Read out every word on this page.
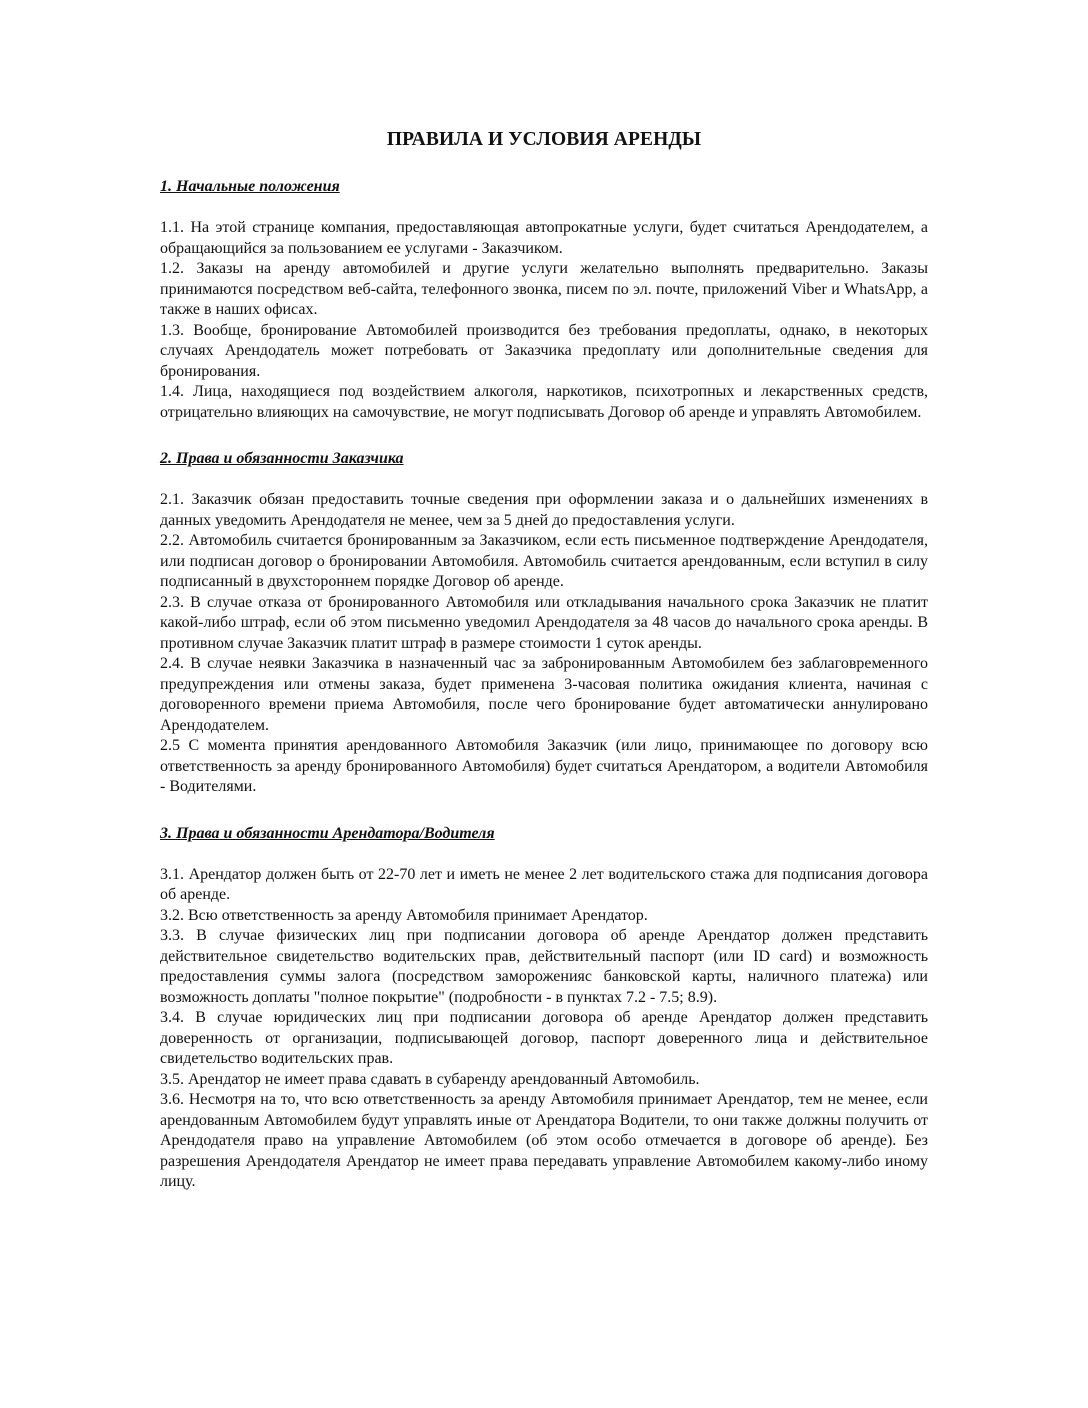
ПРАВИЛА И УСЛОВИЯ АРЕНДЫ

1. Начальные положения

1.1. На этой странице компания, предоставляющая автопрокатные услуги, будет считаться Арендодателем, а обращающийся за пользованием ее услугами - Заказчиком.

1.2. Заказы на аренду автомобилей и другие услуги желательно выполнять предварительно. Заказы принимаются посредством веб-сайта, телефонного звонка, писем по эл. почте, приложений Viber и WhatsApp, а также в наших офисах.

1.3. Вообще, бронирование Автомобилей производится без требования предоплаты, однако, в некоторых случаях Арендодатель может потребовать от Заказчика предоплату или дополнительные сведения для бронирования.

1.4. Лица, находящиеся под воздействием алкоголя, наркотиков, психотропных и лекарственных средств, отрицательно влияющих на самочувствие, не могут подписывать Договор об аренде и управлять Автомобилем.

2. Права и обязанности Заказчика

2.1. Заказчик обязан предоставить точные сведения при оформлении заказа и о дальнейших изменениях в данных уведомить Арендодателя не менее, чем за 5 дней до предоставления услуги.

2.2. Автомобиль считается бронированным за Заказчиком, если есть письменное подтверждение Арендодателя, или подписан договор о бронировании Автомобиля. Автомобиль считается арендованным, если вступил в силу подписанный в двухстороннем порядке Договор об аренде.

2.3. В случае отказа от бронированного Автомобиля или откладывания начального срока Заказчик не платит какой-либо штраф, если об этом письменно уведомил Арендодателя за 48 часов до начального срока аренды. В противном случае Заказчик платит штраф в размере стоимости 1 суток аренды.

2.4. В случае неявки Заказчика в назначенный час за забронированным Автомобилем без заблаговременного предупреждения или отмены заказа, будет применена 3-часовая политика ожидания клиента, начиная с договоренного времени приема Автомобиля, после чего бронирование будет автоматически аннулировано Арендодателем.

2.5 С момента принятия арендованного Автомобиля Заказчик (или лицо, принимающее по договору всю ответственность за аренду бронированного Автомобиля) будет считаться Арендатором, а водители Автомобиля - Водителями.

3. Права и обязанности Арендатора/Водителя

3.1. Арендатор должен быть от 22-70 лет и иметь не менее 2 лет водительского стажа для подписания договора об аренде.

3.2. Всю ответственность за аренду Автомобиля принимает Арендатор.

3.3. В случае физических лиц при подписании договора об аренде Арендатор должен представить действительное свидетельство водительских прав, действительный паспорт (или ID card) и возможность предоставления суммы залога (посредством замороженияс банковской карты, наличного платежа) или возможность доплаты "полное покрытие" (подробности - в пунктах 7.2 - 7.5; 8.9).

3.4. В случае юридических лиц при подписании договора об аренде Арендатор должен представить доверенность от организации, подписывающей договор, паспорт доверенного лица и действительное свидетельство водительских прав.

3.5. Арендатор не имеет права сдавать в субаренду арендованный Автомобиль.

3.6. Несмотря на то, что всю ответственность за аренду Автомобиля принимает Арендатор, тем не менее, если арендованным Автомобилем будут управлять иные от Арендатора Водители, то они также должны получить от Арендодателя право на управление Автомобилем (об этом особо отмечается в договоре об аренде). Без разрешения Арендодателя Арендатор не имеет права передавать управление Автомобилем какому-либо иному лицу.
